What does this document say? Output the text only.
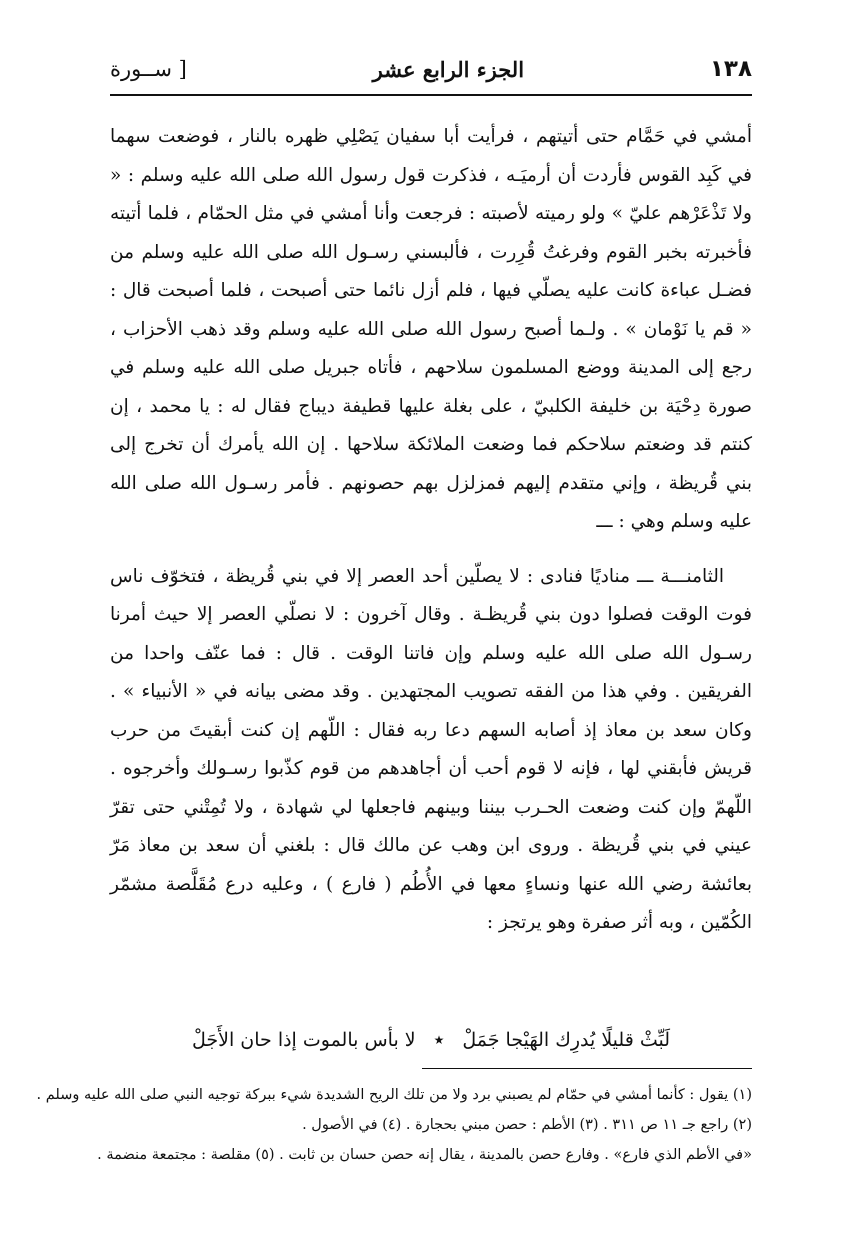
١٣٨
الجزء الرابع عشر
[ ســورة

أمشي في حَمَّام حتى أتيتهم ، فرأيت أبا سفيان يَصْلِي ظهره بالنار ، فوضعت سهما في كَبِد القوس فأردت أن أرميَـه ، فذكرت قول رسول الله صلى الله عليه وسلم : « ولا تَذْعَرْهم عليّ » ولو رميته لأصبته : فرجعت وأنا أمشي في مثل الحمّام ، فلما أتيته فأخبرته بخبر القوم وفرغتُ قُرِرت ، فألبسني رسـول الله صلى الله عليه وسلم من فضـل عباءة كانت عليه يصلّي فيها ، فلم أزل نائما حتى أصبحت ، فلما أصبحت قال : « قم يا نَوْمان » . ولـما أصبح رسول الله صلى الله عليه وسلم وقد ذهب الأحزاب ، رجع إلى المدينة ووضع المسلمون سلاحهم ، فأتاه جبريل صلى الله عليه وسلم في صورة دِحْيَة بن خليفة الكلبيّ ، على بغلة عليها قطيفة ديباج فقال له : يا محمد ، إن كنتم قد وضعتم سلاحكم فما وضعت الملائكة سلاحها . إن الله يأمرك أن تخرج إلى بني قُريظة ، وإني متقدم إليهم فمزلزل بهم حصونهم . فأمر رسـول الله صلى الله عليه وسلم وهي : ـــ

الثامنـــة ـــ مناديًا فنادى : لا يصلّين أحد العصر إلا في بني قُريظة ، فتخوّف ناس فوت الوقت فصلوا دون بني قُريظـة . وقال آخرون : لا نصلّي العصر إلا حيث أمرنا رسـول الله صلى الله عليه وسلم وإن فاتنا الوقت . قال : فما عنّف واحدا من الفريقين . وفي هذا من الفقه تصويب المجتهدين . وقد مضى بيانه في « الأنبياء » . وكان سعد بن معاذ إذ أصابه السهم دعا ربه فقال : اللّهم إن كنت أبقيتَ من حرب قريش فأبقني لها ، فإنه لا قوم أحب أن أجاهدهم من قوم كذّبوا رسـولك وأخرجوه . اللّهمّ وإن كنت وضعت الحـرب بيننا وبينهم فاجعلها لي شهادة ، ولا تُمِتْني حتى تقرّ عيني في بني قُريظة . وروى ابن وهب عن مالك قال : بلغني أن سعد بن معاذ مَرّ بعائشة رضي الله عنها ونساءٍ معها في الأُطُم ( فارع ) ، وعليه درع مُقَلَّصة مشمّر الكُمّين ، وبه أثر صفرة وهو يرتجز :

لَبِّثْ قليلًا يُدرِك الهَيْجا جَمَلْ
★
لا بأس بالموت إذا حان الأَجَلْ
(١) يقول : كأنما أمشي في حمّام لم يصبني برد ولا من تلك الريح الشديدة شيء ببركة توجيه النبي صلى الله عليه وسلم .
(٢) راجع جـ ١١ ص ٣١١ . (٣) الأطم : حصن مبني بحجارة . (٤) في الأصول .
«في الأطم الذي فارع» . وفارع حصن بالمدينة ، يقال إنه حصن حسان بن ثابت . (٥) مقلصة : مجتمعة منضمة .
